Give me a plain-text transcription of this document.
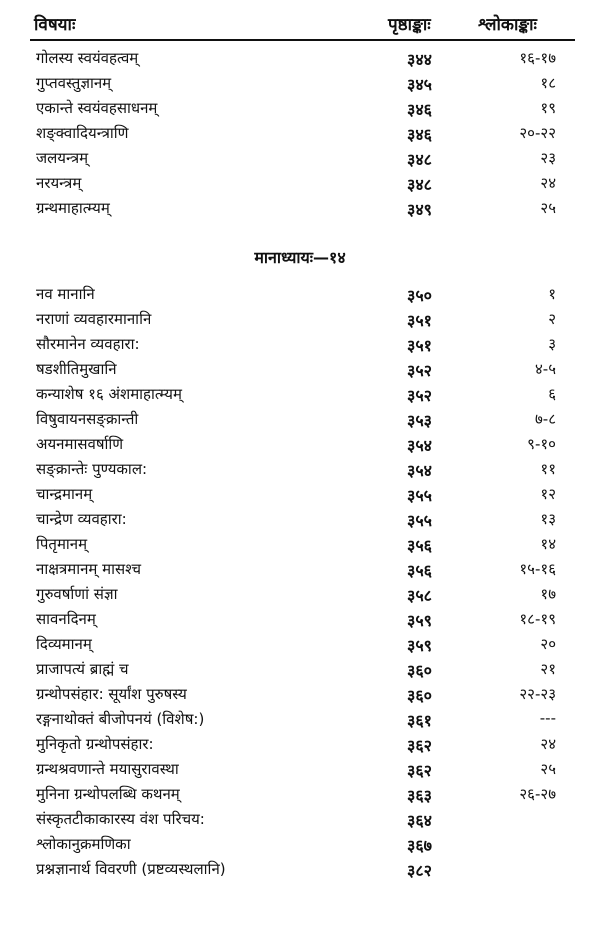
विषयाः	पृष्ठाङ्काः	श्लोकाङ्काः
गोलस्य स्वयंवहत्वम्	३४४	१६-१७
गुप्तवस्तुज्ञानम्	३४५	१८
एकान्ते स्वयंवहसाधनम्	३४६	१९
शङ्क्वादियन्त्राणि	३४६	२०-२२
जलयन्त्रम्	३४८	२३
नरयन्त्रम्	३४८	२४
ग्रन्थमाहात्म्यम्	३४९	२५
मानाध्यायः—१४
नव मानानि	३५०	१
नराणां व्यवहारमानानि	३५१	२
सौरमानेन व्यवहारा:	३५१	३
षडशीतिमुखानि	३५२	४-५
कन्याशेष १६ अंशमाहात्म्यम्	३५२	६
विषुवायनसङ्क्रान्ती	३५३	७-८
अयनमासवर्षाणि	३५४	९-१०
सङ्क्रान्तेः पुण्यकाल:	३५४	११
चान्द्रमानम्	३५५	१२
चान्द्रेण व्यवहारा:	३५५	१३
पितृमानम्	३५६	१४
नाक्षत्रमानम् मासश्च	३५६	१५-१६
गुरुवर्षाणां संज्ञा	३५८	१७
सावनदिनम्	३५९	१८-१९
दिव्यमानम्	३५९	२०
प्राजापत्यं ब्राह्मं च	३६०	२१
ग्रन्थोपसंहार: सूर्यांश पुरुषस्य	३६०	२२-२३
रङ्गनाथोक्तं बीजोपनयं (विशेष:)	३६१	---
मुनिकृतो ग्रन्थोपसंहार:	३६२	२४
ग्रन्थश्रवणान्ते मयासुरावस्था	३६२	२५
मुनिना ग्रन्थोपलब्धि कथनम्	३६३	२६-२७
संस्कृतटीकाकारस्य वंश परिचय:	३६४
श्लोकानुक्रमणिका	३६७
प्रश्नज्ञानार्थ विवरणी (प्रष्टव्यस्थलानि)	३८२
